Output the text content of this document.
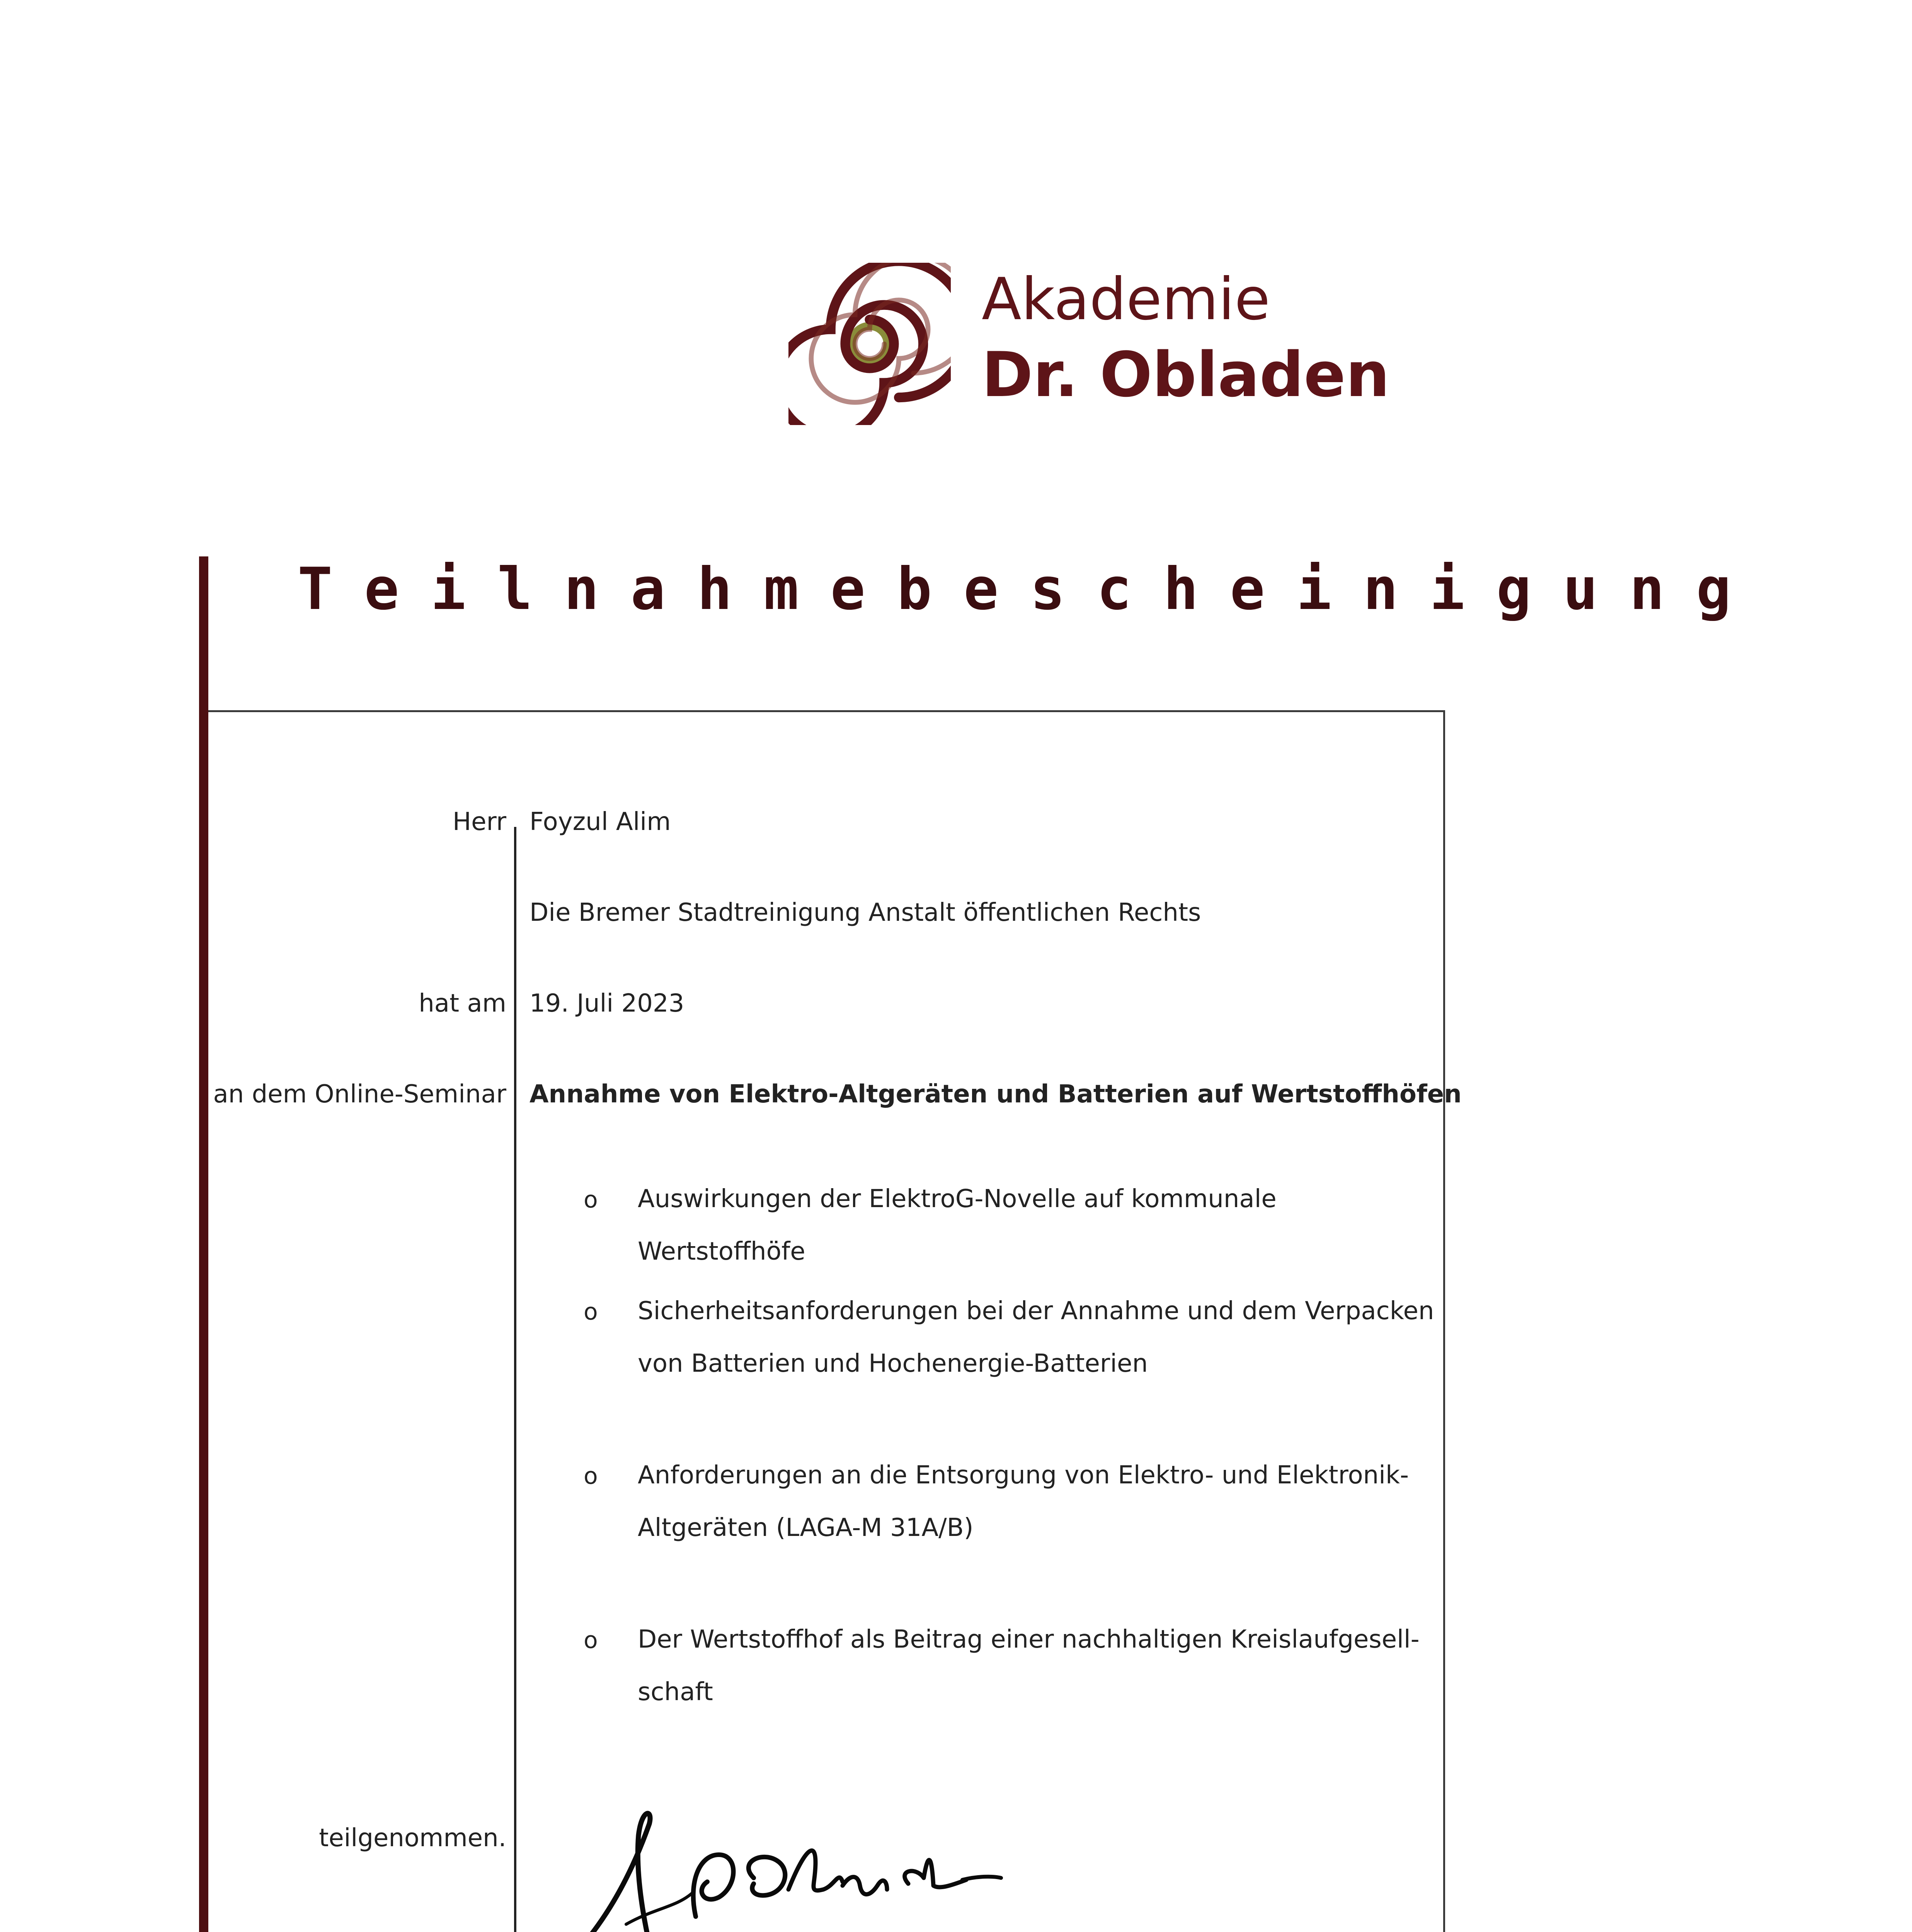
Akademie
Dr. Obladen
Teilnahmebescheinigung
Herr Foyzul Alim
Die Bremer Stadtreinigung Anstalt öffentlichen Rechts
hat am 19. Juli 2023
an dem Online-Seminar Annahme von Elektro-Altgeräten und Batterien auf Wertstoffhöfen
o Auswirkungen der ElektroG-Novelle auf kommunale Wertstoffhöfe
o Sicherheitsanforderungen bei der Annahme und dem Verpacken
von Batterien und Hochenergie-Batterien
o Anforderungen an die Entsorgung von Elektro- und Elektronik-
Altgeräten (LAGA-M 31A/B)
o Der Wertstoffhof als Beitrag einer nachhaltigen Kreislaufgesell-
schaft
teilgenommen.
